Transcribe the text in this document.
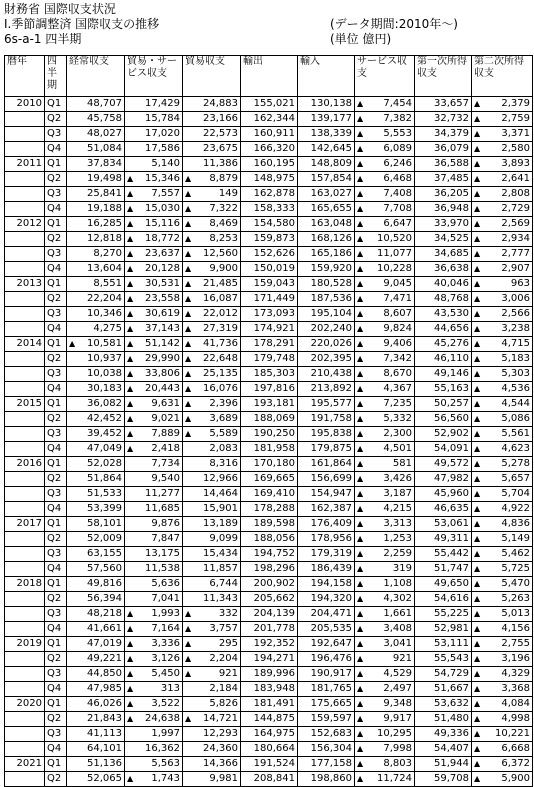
財務省 国際収支状況
Ⅰ.季節調整済 国際収支の推移	(データ期間:2010年〜)
6s-a-1 四半期	(単位 億円)
暦年	四半期	経常収支	貿易・サービス収支	貿易収支	輸出	輸入	サービス収支	第一次所得収支	第二次所得収支
2010	Q1	48,707	17,429	24,883	155,021	130,138	▲ 7,454	33,657	▲ 2,379

	Q2	45,758	15,784	23,166	162,344	139,177	▲ 7,382	32,732	▲ 2,759

	Q3	48,027	17,020	22,573	160,911	138,339	▲ 5,553	34,379	▲ 3,371

	Q4	51,084	17,586	23,675	166,320	142,645	▲ 6,089	36,079	▲ 2,580

2011	Q1	37,834	5,140	11,386	160,195	148,809	▲ 6,246	36,588	▲ 3,893

	Q2	19,498	▲ 15,346	▲ 8,879	148,975	157,854	▲ 6,468	37,485	▲ 2,641

	Q3	25,841	▲ 7,557	▲ 149	162,878	163,027	▲ 7,408	36,205	▲ 2,808

	Q4	19,188	▲ 15,030	▲ 7,322	158,333	165,655	▲ 7,708	36,948	▲ 2,729

2012	Q1	16,285	▲ 15,116	▲ 8,469	154,580	163,048	▲ 6,647	33,970	▲ 2,569

	Q2	12,818	▲ 18,772	▲ 8,253	159,873	168,126	▲ 10,520	34,525	▲ 2,934

	Q3	8,270	▲ 23,637	▲ 12,560	152,626	165,186	▲ 11,077	34,685	▲ 2,777

	Q4	13,604	▲ 20,128	▲ 9,900	150,019	159,920	▲ 10,228	36,638	▲ 2,907

2013	Q1	8,551	▲ 30,531	▲ 21,485	159,043	180,528	▲ 9,045	40,046	▲ 963

	Q2	22,204	▲ 23,558	▲ 16,087	171,449	187,536	▲ 7,471	48,768	▲ 3,006

	Q3	10,346	▲ 30,619	▲ 22,012	173,093	195,104	▲ 8,607	43,530	▲ 2,566

	Q4	4,275	▲ 37,143	▲ 27,319	174,921	202,240	▲ 9,824	44,656	▲ 3,238

2014	Q1	▲ 10,581	▲ 51,142	▲ 41,736	178,291	220,026	▲ 9,406	45,276	▲ 4,715

	Q2	10,937	▲ 29,990	▲ 22,648	179,748	202,395	▲ 7,342	46,110	▲ 5,183

	Q3	10,038	▲ 33,806	▲ 25,135	185,303	210,438	▲ 8,670	49,146	▲ 5,303

	Q4	30,183	▲ 20,443	▲ 16,076	197,816	213,892	▲ 4,367	55,163	▲ 4,536

2015	Q1	36,082	▲ 9,631	▲ 2,396	193,181	195,577	▲ 7,235	50,257	▲ 4,544

	Q2	42,452	▲ 9,021	▲ 3,689	188,069	191,758	▲ 5,332	56,560	▲ 5,086

	Q3	39,452	▲ 7,889	▲ 5,589	190,250	195,838	▲ 2,300	52,902	▲ 5,561

	Q4	47,049	▲ 2,418	2,083	181,958	179,875	▲ 4,501	54,091	▲ 4,623

2016	Q1	52,028	7,734	8,316	170,180	161,864	▲ 581	49,572	▲ 5,278

	Q2	51,864	9,540	12,966	169,665	156,699	▲ 3,426	47,982	▲ 5,657

	Q3	51,533	11,277	14,464	169,410	154,947	▲ 3,187	45,960	▲ 5,704

	Q4	53,399	11,685	15,901	178,288	162,387	▲ 4,215	46,635	▲ 4,922

2017	Q1	58,101	9,876	13,189	189,598	176,409	▲ 3,313	53,061	▲ 4,836

	Q2	52,009	7,847	9,099	188,056	178,956	▲ 1,253	49,311	▲ 5,149

	Q3	63,155	13,175	15,434	194,752	179,319	▲ 2,259	55,442	▲ 5,462

	Q4	57,560	11,538	11,857	198,296	186,439	▲ 319	51,747	▲ 5,725

2018	Q1	49,816	5,636	6,744	200,902	194,158	▲ 1,108	49,650	▲ 5,470

	Q2	56,394	7,041	11,343	205,662	194,320	▲ 4,302	54,616	▲ 5,263

	Q3	48,218	▲ 1,993	▲ 332	204,139	204,471	▲ 1,661	55,225	▲ 5,013

	Q4	41,661	▲ 7,164	▲ 3,757	201,778	205,535	▲ 3,408	52,981	▲ 4,156

2019	Q1	47,019	▲ 3,336	▲ 295	192,352	192,647	▲ 3,041	53,111	▲ 2,755

	Q2	49,221	▲ 3,126	▲ 2,204	194,271	196,476	▲ 921	55,543	▲ 3,196

	Q3	44,850	▲ 5,450	▲ 921	189,996	190,917	▲ 4,529	54,729	▲ 4,329

	Q4	47,985	▲ 313	2,184	183,948	181,765	▲ 2,497	51,667	▲ 3,368

2020	Q1	46,026	▲ 3,522	5,826	181,491	175,665	▲ 9,348	53,632	▲ 4,084

	Q2	21,843	▲ 24,638	▲ 14,721	144,875	159,597	▲ 9,917	51,480	▲ 4,998

	Q3	41,113	1,997	12,293	164,975	152,683	▲ 10,295	49,336	▲ 10,221

	Q4	64,101	16,362	24,360	180,664	156,304	▲ 7,998	54,407	▲ 6,668

2021	Q1	51,136	5,563	14,366	191,524	177,158	▲ 8,803	51,944	▲ 6,372

	Q2	52,065	▲ 1,743	9,981	208,841	198,860	▲ 11,724	59,708	▲ 5,900
